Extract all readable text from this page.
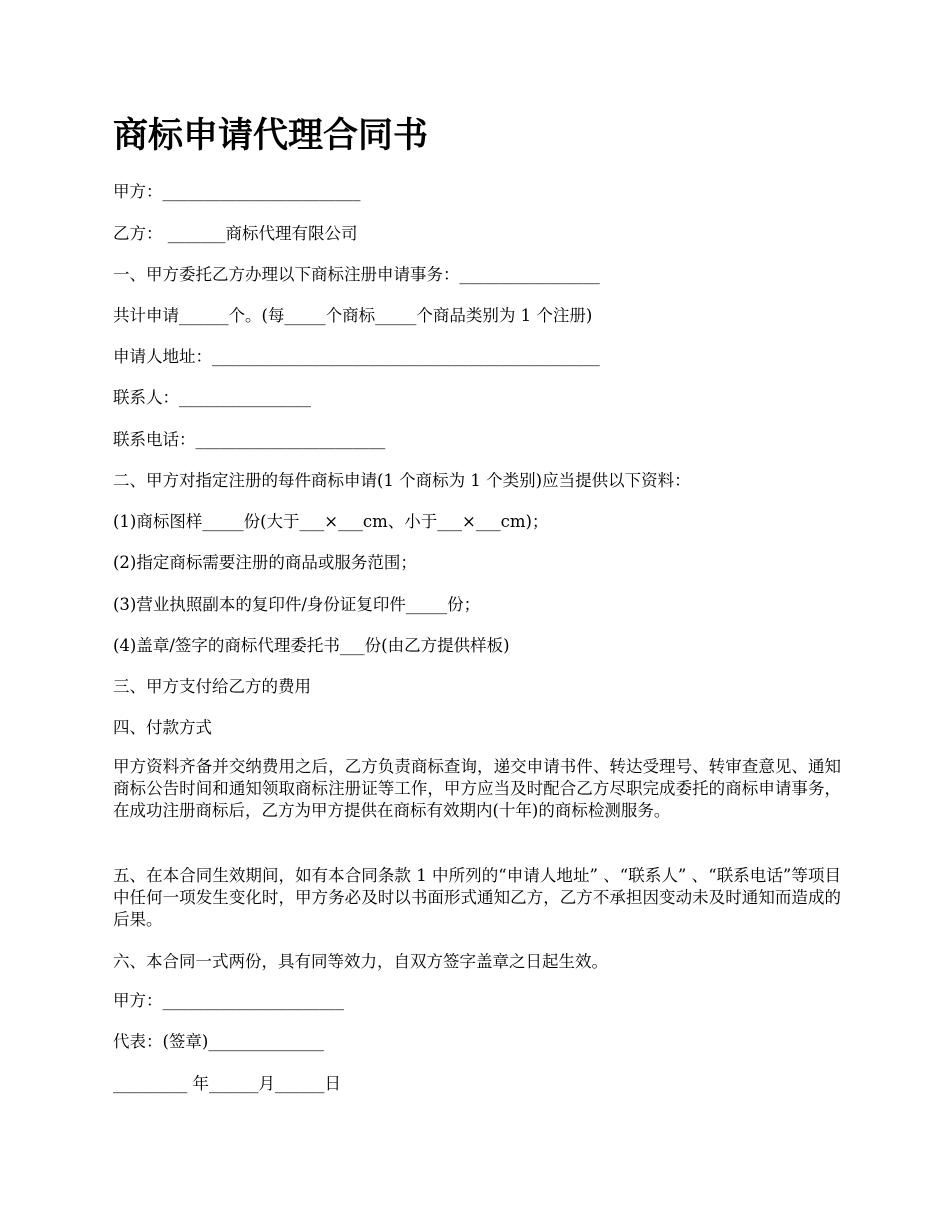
商标申请代理合同书

甲方：________________________

乙方： _______商标代理有限公司

一、甲方委托乙方办理以下商标注册申请事务：_________________

共计申请______个。(每_____个商标_____个商品类别为 1 个注册)

申请人地址：_______________________________________________

联系人：________________

联系电话：_______________________

二、甲方对指定注册的每件商标申请(1 个商标为 1 个类别)应当提供以下资料：

(1)商标图样_____份(大于___×___cm、小于___×___cm)；

(2)指定商标需要注册的商品或服务范围；

(3)营业执照副本的复印件/身份证复印件_____份；

(4)盖章/签字的商标代理委托书___份(由乙方提供样板)

三、甲方支付给乙方的费用

四、付款方式

甲方资料齐备并交纳费用之后，乙方负责商标查询，递交申请书件、转达受理号、转审查意见、通知商标公告时间和通知领取商标注册证等工作，甲方应当及时配合乙方尽职完成委托的商标申请事务，在成功注册商标后，乙方为甲方提供在商标有效期内(十年)的商标检测服务。

五、在本合同生效期间，如有本合同条款 1 中所列的“申请人地址” 、“联系人” 、“联系电话”等项目中任何一项发生变化时，甲方务必及时以书面形式通知乙方，乙方不承担因变动未及时通知而造成的后果。

六、本合同一式两份，具有同等效力，自双方签字盖章之日起生效。

甲方：______________________

代表：(签章)______________

_________ 年______月______日
